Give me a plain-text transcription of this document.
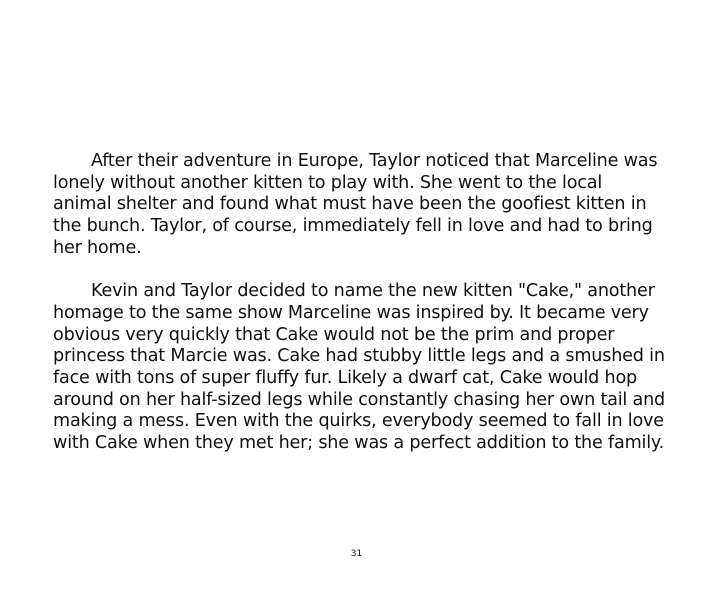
After their adventure in Europe, Taylor noticed that Marceline was lonely without another kitten to play with. She went to the local animal shelter and found what must have been the goofiest kitten in the bunch. Taylor, of course, immediately fell in love and had to bring her home.

Kevin and Taylor decided to name the new kitten "Cake," another homage to the same show Marceline was inspired by. It became very obvious very quickly that Cake would not be the prim and proper princess that Marcie was. Cake had stubby little legs and a smushed in face with tons of super fluffy fur. Likely a dwarf cat, Cake would hop around on her half-sized legs while constantly chasing her own tail and making a mess. Even with the quirks, everybody seemed to fall in love with Cake when they met her; she was a perfect addition to the family.

31
